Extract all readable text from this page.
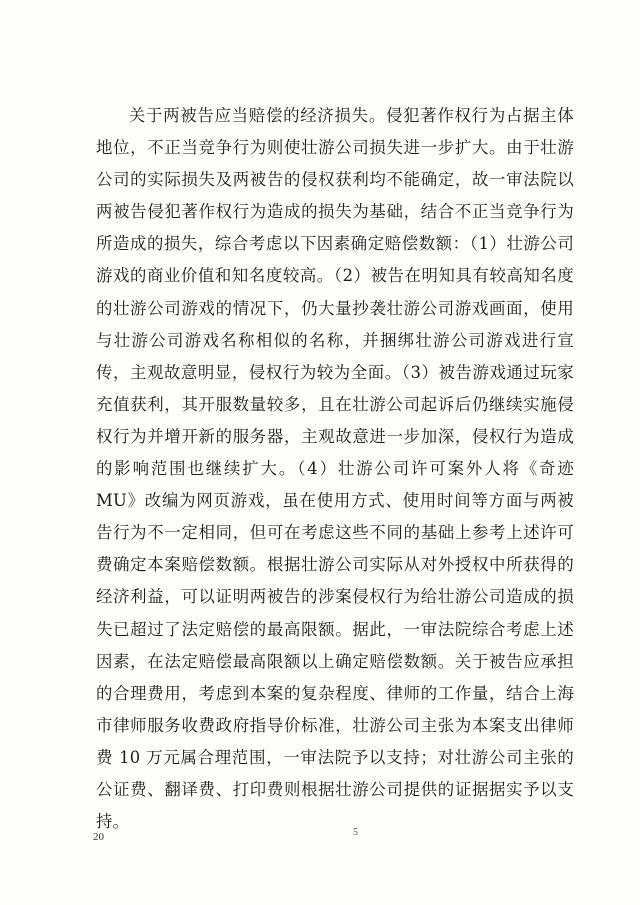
关于两被告应当赔偿的经济损失。侵犯著作权行为占据主体地位，不正当竞争行为则使壮游公司损失进一步扩大。由于壮游公司的实际损失及两被告的侵权获利均不能确定，故一审法院以两被告侵犯著作权行为造成的损失为基础，结合不正当竞争行为所造成的损失，综合考虑以下因素确定赔偿数额：（1）壮游公司游戏的商业价值和知名度较高。（2）被告在明知具有较高知名度的壮游公司游戏的情况下，仍大量抄袭壮游公司游戏画面，使用与壮游公司游戏名称相似的名称，并捆绑壮游公司游戏进行宣传，主观故意明显，侵权行为较为全面。（3）被告游戏通过玩家充值获利，其开服数量较多，且在壮游公司起诉后仍继续实施侵权行为并增开新的服务器，主观故意进一步加深，侵权行为造成的影响范围也继续扩大。（4）壮游公司许可案外人将《奇迹 MU》改编为网页游戏，虽在使用方式、使用时间等方面与两被告行为不一定相同，但可在考虑这些不同的基础上参考上述许可费确定本案赔偿数额。根据壮游公司实际从对外授权中所获得的经济利益，可以证明两被告的涉案侵权行为给壮游公司造成的损失已超过了法定赔偿的最高限额。据此，一审法院综合考虑上述因素，在法定赔偿最高限额以上确定赔偿数额。关于被告应承担的合理费用，考虑到本案的复杂程度、律师的工作量，结合上海市律师服务收费政府指导价标准，壮游公司主张为本案支出律师费 10 万元属合理范围，一审法院予以支持；对壮游公司主张的公证费、翻译费、打印费则根据壮游公司提供的证据据实予以支持。

20	5
